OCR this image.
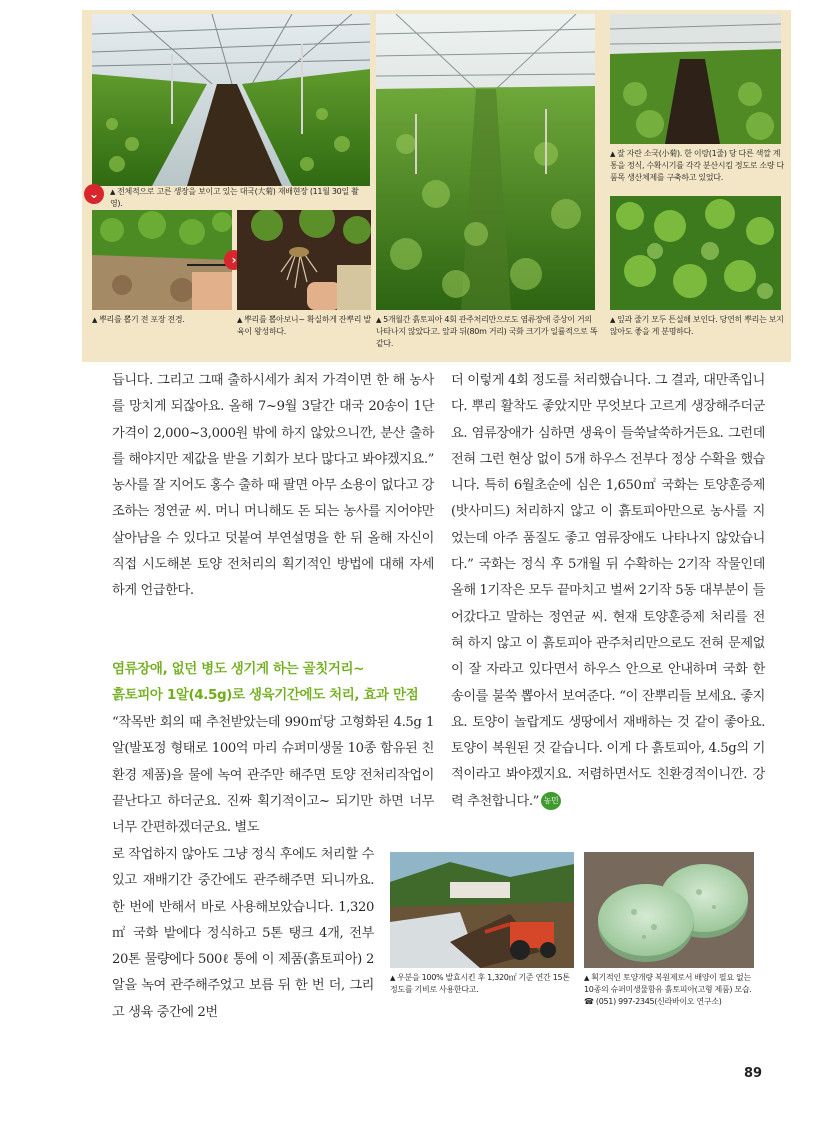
⌄	▲ 전체적으로 고른 생장을 보이고 있는 대국(大菊) 재배현장 (11월 30일 촬영).
›
▲ 뿌리를 뽑기 전 포장 전경.	▲ 뿌리를 뽑아보니~ 확실하게 잔뿌리 발육이 왕성하다.
▲ 5개월간 흙토피아 4회 관주처리만으로도 염류장애 증상이 거의 나타나지 않았다고. 앞과 뒤(80m 거리) 국화 크기가 일률적으로 똑같다.
▲ 잘 자란 소국(小菊). 한 이랑(1줄) 당 다른 색깔 계통을 정식, 수확시기를 각각 분산시킴 정도로 소량 다품목 생산체제를 구축하고 있었다.
▲ 잎과 줄기 모두 튼실해 보인다. 당연히 뿌리는 보지 않아도 좋을 게 분명하다.

듭니다. 그리고 그때 출하시세가 최저 가격이면 한 해 농사를 망치게 되잖아요. 올해 7~9월 3달간 대국 20송이 1단 가격이 2,000~3,000원 밖에 하지 않았으니깐, 분산 출하를 해야지만 제값을 받을 기회가 보다 많다고 봐야겠지요.” 농사를 잘 지어도 홍수 출하 때 팔면 아무 소용이 없다고 강조하는 정연균 씨. 머니 머니해도 돈 되는 농사를 지어야만 살아남을 수 있다고 덧붙여 부연설명을 한 뒤 올해 자신이 직접 시도해본 토양 전처리의 획기적인 방법에 대해 자세하게 언급한다.

염류장애, 없던 병도 생기게 하는 골칫거리~
흙토피아 1알(4.5g)로 생육기간에도 처리, 효과 만점

“작목반 회의 때 추천받았는데 990㎡당 고형화된 4.5g 1알(발포정 형태로 100억 마리 슈퍼미생물 10종 함유된 친환경 제품)을 물에 녹여 관주만 해주면 토양 전처리작업이 끝난다고 하더군요. 진짜 획기적이고~ 되기만 하면 너무 너무 간편하겠더군요. 별도

로 작업하지 않아도 그냥 정식 후에도 처리할 수 있고 재배기간 중간에도 관주해주면 되니까요. 한 번에 반해서 바로 사용해보았습니다. 1,320㎡ 국화 밭에다 정식하고 5톤 탱크 4개, 전부 20톤 물량에다 500ℓ 통에 이 제품(흙토피아) 2알을 녹여 관주해주었고 보름 뒤 한 번 더, 그리고 생육 중간에 2번

더 이렇게 4회 정도를 처리했습니다. 그 결과, 대만족입니다. 뿌리 활착도 좋았지만 무엇보다 고르게 생장해주더군요. 염류장애가 심하면 생육이 들쑥날쑥하거든요. 그런데 전혀 그런 현상 없이 5개 하우스 전부다 정상 수확을 했습니다. 특히 6월초순에 심은 1,650㎡ 국화는 토양훈증제(밧사미드) 처리하지 않고 이 흙토피아만으로 농사를 지었는데 아주 품질도 좋고 염류장애도 나타나지 않았습니다.” 국화는 정식 후 5개월 뒤 수확하는 2기작 작물인데 올해 1기작은 모두 끝마치고 벌써 2기작 5동 대부분이 들어갔다고 말하는 정연균 씨. 현재 토양훈증제 처리를 전혀 하지 않고 이 흙토피아 관주처리만으로도 전혀 문제없이 잘 자라고 있다면서 하우스 안으로 안내하며 국화 한 송이를 불쑥 뽑아서 보여준다. “이 잔뿌리들 보세요. 좋지요. 토양이 놀랍게도 생땅에서 재배하는 것 같이 좋아요. 토양이 복원된 것 같습니다. 이게 다 흙토피아, 4.5g의 기적이라고 봐야겠지요. 저렴하면서도 친환경적이니깐. 강력 추천합니다.” 농민

▲ 우분을 100% 발효시킨 후 1,320㎡ 기준 연간 15톤 정도를 기비로 사용한다고.
▲ 획기적인 토양개량 복원제로서 배양이 필요 없는 10종의 슈퍼미생물함유 흙토피아(고형 제품) 모습. ☎ (051) 997-2345(신라바이오 연구소)
89
